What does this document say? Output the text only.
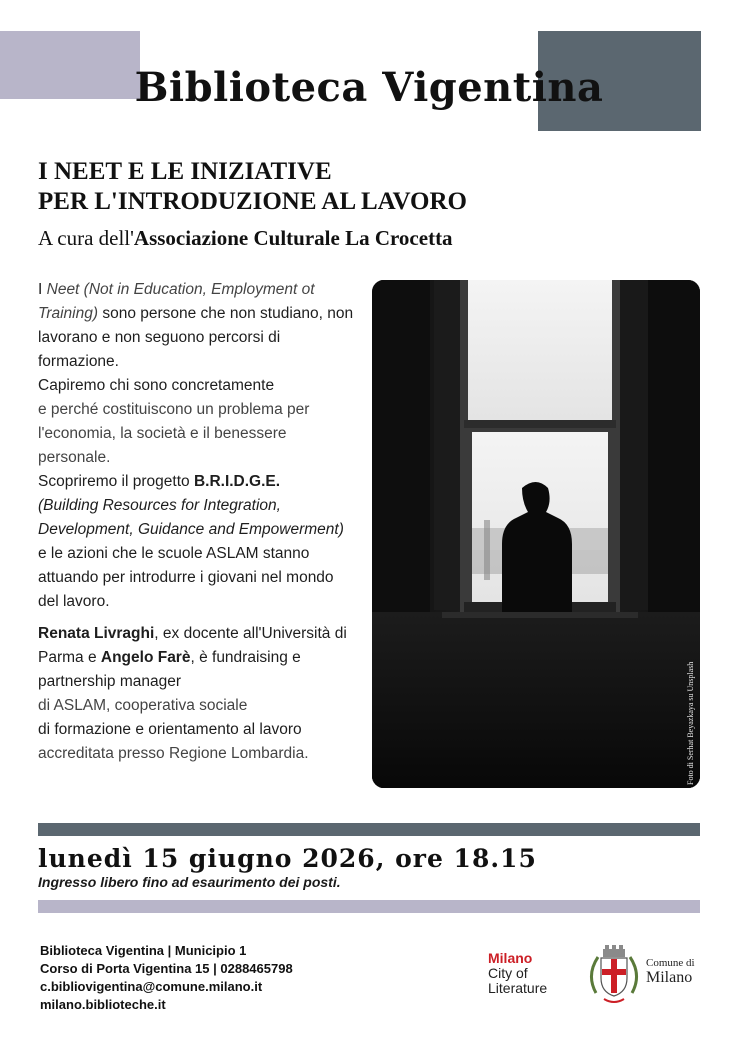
Biblioteca Vigentina
I NEET E LE INIZIATIVE
PER L'INTRODUZIONE AL LAVORO
A cura dell'Associazione Culturale La Crocetta

I Neet (Not in Education, Employment ot Training) sono persone che non studiano, non lavorano e non seguono percorsi di formazione.

Capiremo chi sono concretamente

e perché costituiscono un problema per l'economia, la società e il benessere personale.

Scopriremo il progetto B.R.I.D.G.E.
(Building Resources for Integration, Development, Guidance and Empowerment)

e le azioni che le scuole ASLAM stanno attuando per introdurre i giovani nel mondo del lavoro.

Renata Livraghi, ex docente all'Università di Parma e Angelo Farè, è fundraising e partnership manager
di ASLAM, cooperativa sociale
di formazione e orientamento al lavoro
accreditata presso Regione Lombardia.	Foto di Serhat Beyazkaya su Unsplash
lunedì 15 giugno 2026, ore 18.15
Ingresso libero fino ad esaurimento dei posti.
Biblioteca Vigentina | Municipio 1
Corso di Porta Vigentina 15 | 0288465798
c.bibliovigentina@comune.milano.it
milano.biblioteche.it
Milano
City of
Literature
Comune di
Milano
